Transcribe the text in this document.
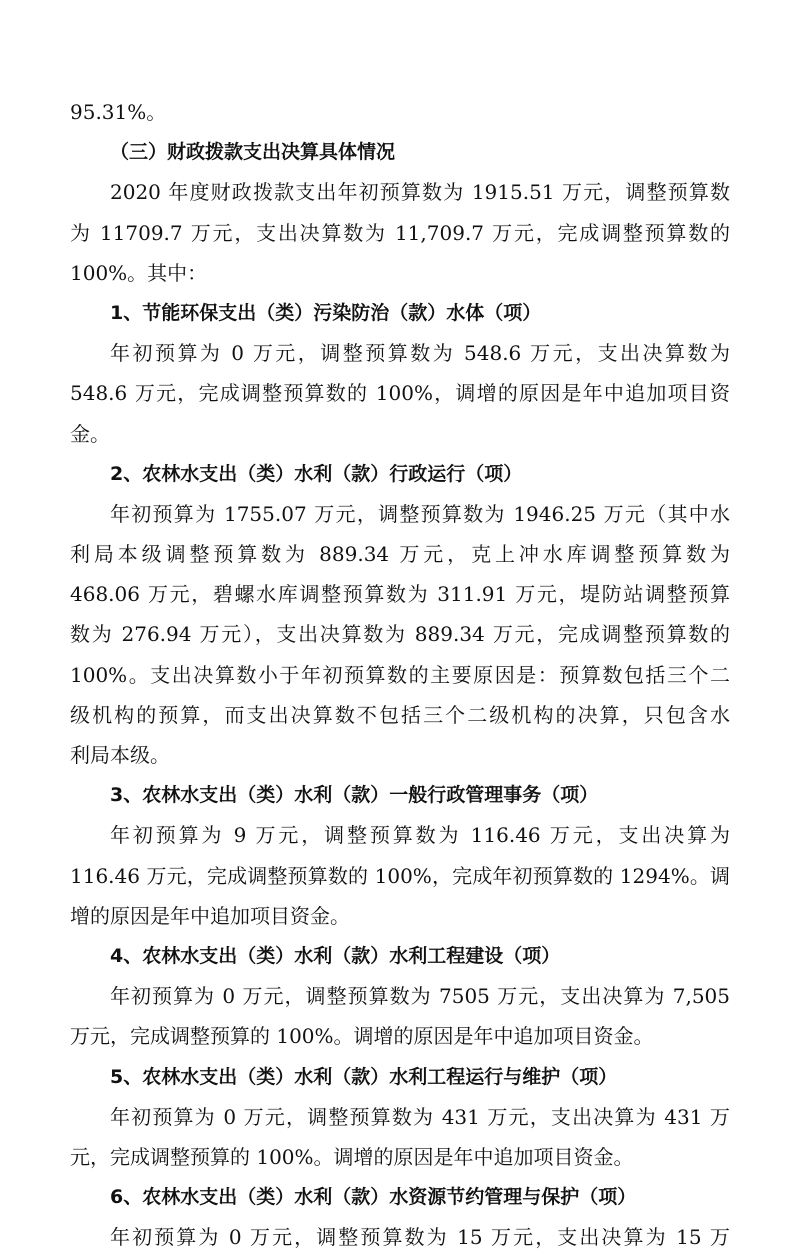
95.31%。
（三）财政拨款支出决算具体情况
2020 年度财政拨款支出年初预算数为 1915.51 万元，调整预算数
为 11709.7 万元，支出决算数为 11,709.7 万元，完成调整预算数的
100%。其中：
1、节能环保支出（类）污染防治（款）水体（项）
年初预算为 0 万元，调整预算数为 548.6 万元，支出决算数为
548.6 万元，完成调整预算数的 100%，调增的原因是年中追加项目资
金。
2、农林水支出（类）水利（款）行政运行（项）
年初预算为 1755.07 万元，调整预算数为 1946.25 万元（其中水
利局本级调整预算数为 889.34 万元，克上冲水库调整预算数为
468.06 万元，碧螺水库调整预算数为 311.91 万元，堤防站调整预算
数为 276.94 万元），支出决算数为 889.34 万元，完成调整预算数的
100%。支出决算数小于年初预算数的主要原因是：预算数包括三个二
级机构的预算，而支出决算数不包括三个二级机构的决算，只包含水
利局本级。
3、农林水支出（类）水利（款）一般行政管理事务（项）
年初预算为 9 万元，调整预算数为 116.46 万元，支出决算为
116.46 万元，完成调整预算数的 100%，完成年初预算数的 1294%。调
增的原因是年中追加项目资金。
4、农林水支出（类）水利（款）水利工程建设（项）
年初预算为 0 万元，调整预算数为 7505 万元，支出决算为 7,505
万元，完成调整预算的 100%。调增的原因是年中追加项目资金。
5、农林水支出（类）水利（款）水利工程运行与维护（项）
年初预算为 0 万元，调整预算数为 431 万元，支出决算为 431 万
元，完成调整预算的 100%。调增的原因是年中追加项目资金。
6、农林水支出（类）水利（款）水资源节约管理与保护（项）
年初预算为 0 万元，调整预算数为 15 万元，支出决算为 15 万
